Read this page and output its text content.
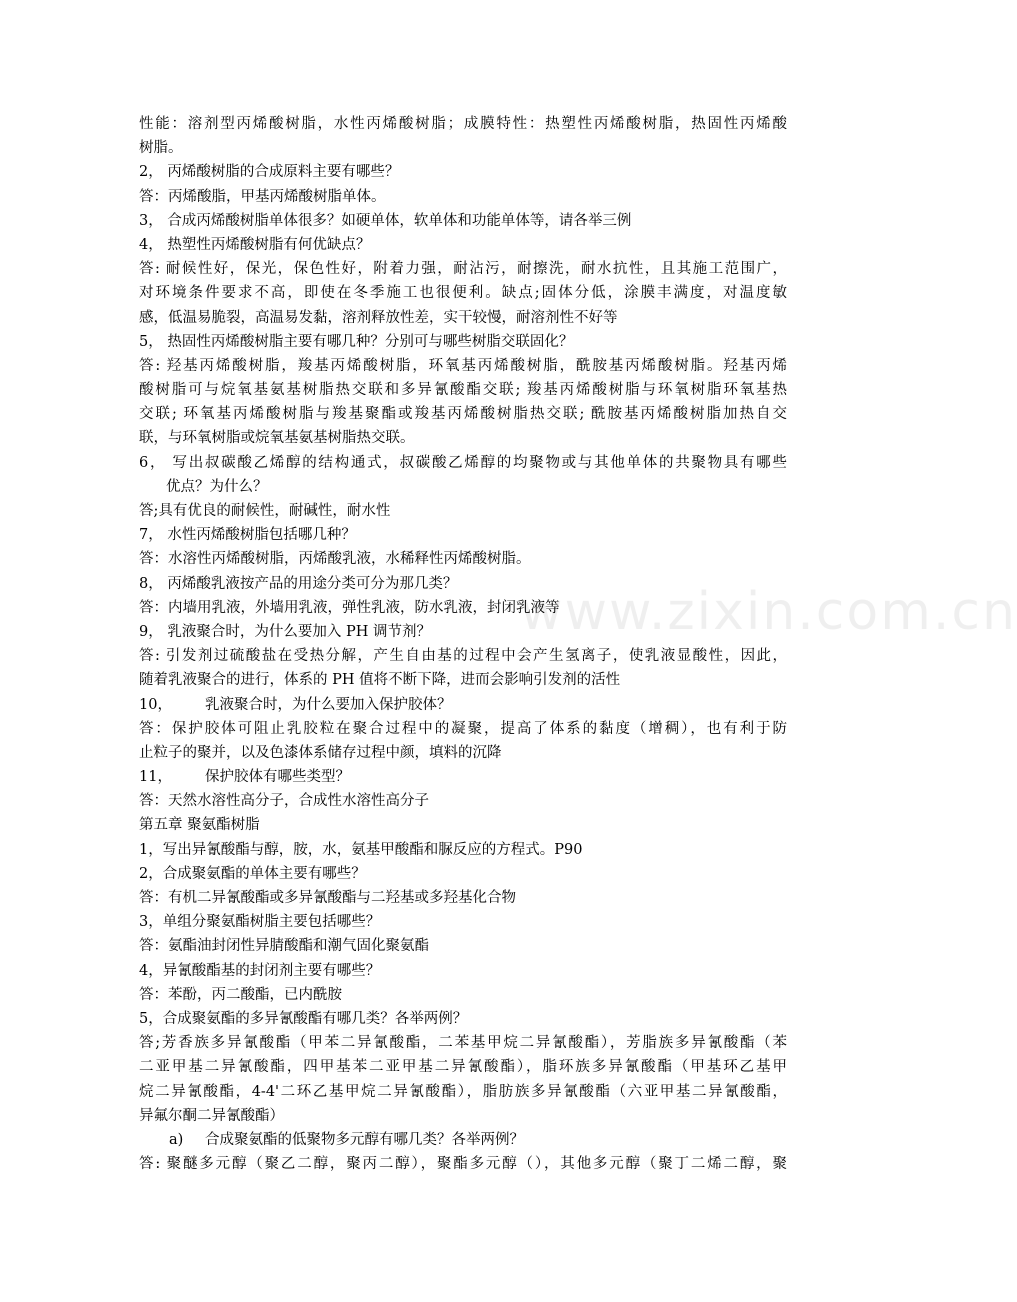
www.zixin.com.cn
性能：溶剂型丙烯酸树脂，水性丙烯酸树脂；成膜特性：热塑性丙烯酸树脂，热固性丙烯酸
树脂。
2， 丙烯酸树脂的合成原料主要有哪些？
答：丙烯酸脂，甲基丙烯酸树脂单体。
3， 合成丙烯酸树脂单体很多？如硬单体，软单体和功能单体等，请各举三例
4， 热塑性丙烯酸树脂有何优缺点？
答: 耐候性好，保光，保色性好，附着力强，耐沾污，耐擦洗，耐水抗性，且其施工范围广，
对环境条件要求不高，即使在冬季施工也很便利。缺点;固体分低，涂膜丰满度，对温度敏
感，低温易脆裂，高温易发黏，溶剂释放性差，实干较慢，耐溶剂性不好等
5， 热固性丙烯酸树脂主要有哪几种？分别可与哪些树脂交联固化？
答: 羟基丙烯酸树脂，羧基丙烯酸树脂，环氧基丙烯酸树脂，酰胺基丙烯酸树脂。羟基丙烯
酸树脂可与烷氧基氨基树脂热交联和多异氰酸酯交联; 羧基丙烯酸树脂与环氧树脂环氧基热
交联; 环氧基丙烯酸树脂与羧基聚酯或羧基丙烯酸树脂热交联; 酰胺基丙烯酸树脂加热自交
联，与环氧树脂或烷氧基氨基树脂热交联。
6， 写出叔碳酸乙烯醇的结构通式，叔碳酸乙烯醇的均聚物或与其他单体的共聚物具有哪些
优点？为什么？
答;具有优良的耐候性，耐碱性，耐水性
7， 水性丙烯酸树脂包括哪几种？
答：水溶性丙烯酸树脂，丙烯酸乳液，水稀释性丙烯酸树脂。
8， 丙烯酸乳液按产品的用途分类可分为那几类？
答：内墙用乳液，外墙用乳液，弹性乳液，防水乳液，封闭乳液等
9， 乳液聚合时，为什么要加入 PH 调节剂？
答: 引发剂过硫酸盐在受热分解，产生自由基的过程中会产生氢离子，使乳液显酸性，因此，
随着乳液聚合的进行，体系的 PH 值将不断下降，进而会影响引发剂的活性
10， 乳液聚合时，为什么要加入保护胶体？
答：保护胶体可阻止乳胶粒在聚合过程中的凝聚，提高了体系的黏度（增稠），也有利于防
止粒子的聚并，以及色漆体系储存过程中颜，填料的沉降
11， 保护胶体有哪些类型？
答：天然水溶性高分子，合成性水溶性高分子
第五章 聚氨酯树脂
1，写出异氰酸酯与醇，胺，水，氨基甲酸酯和脲反应的方程式。P90
2，合成聚氨酯的单体主要有哪些？
答：有机二异氰酸酯或多异氰酸酯与二羟基或多羟基化合物
3，单组分聚氨酯树脂主要包括哪些？
答：氨酯油封闭性异腈酸酯和潮气固化聚氨酯
4，异氰酸酯基的封闭剂主要有哪些？
答：苯酚，丙二酸酯，已内酰胺
5，合成聚氨酯的多异氰酸酯有哪几类？各举两例？
答;芳香族多异氰酸酯（甲苯二异氰酸酯，二苯基甲烷二异氰酸酯），芳脂族多异氰酸酯（苯
二亚甲基二异氰酸酯，四甲基苯二亚甲基二异氰酸酯），脂环族多异氰酸酯（甲基环乙基甲
烷二异氰酸酯，4-4'二环乙基甲烷二异氰酸酯），脂肪族多异氰酸酯（六亚甲基二异氰酸酯，
异氟尔酮二异氰酸酯）
a) 合成聚氨酯的低聚物多元醇有哪几类？各举两例？
答: 聚醚多元醇（聚乙二醇，聚丙二醇），聚酯多元醇（），其他多元醇（聚丁二烯二醇，聚
